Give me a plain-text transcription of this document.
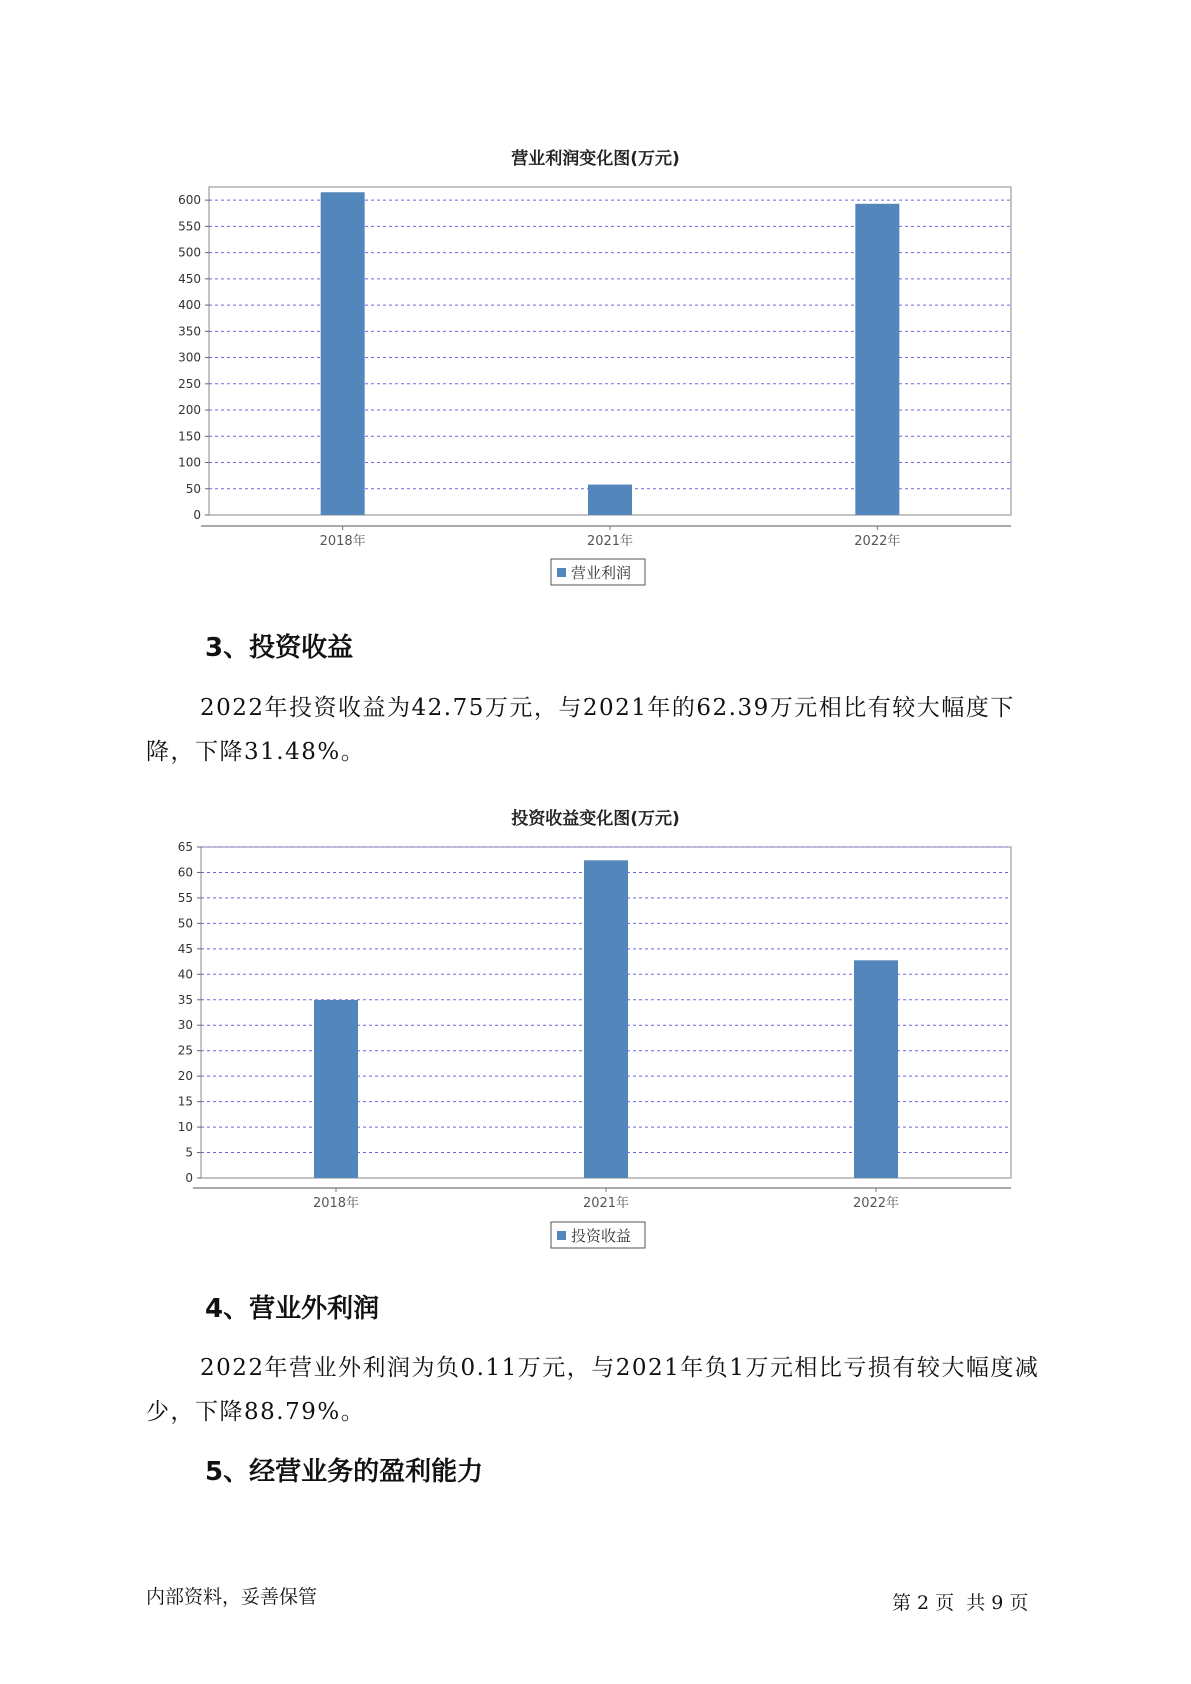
营业利润变化图(万元)
0
50
100
150
200
250
300
350
400
450
500
550
600
2018年	2021年	2022年
营业利润
3、投资收益
2022年投资收益为42.75万元，与2021年的62.39万元相比有较大幅度下降，下降31.48%。
投资收益变化图(万元)
0
5
10
15
20
25
30
35
40
45
50
55
60
65
2018年	2021年	2022年
投资收益
4、营业外利润
2022年营业外利润为负0.11万元，与2021年负1万元相比亏损有较大幅度减少，下降88.79%。
5、经营业务的盈利能力
内部资料，妥善保管	第 2 页  共 9 页
